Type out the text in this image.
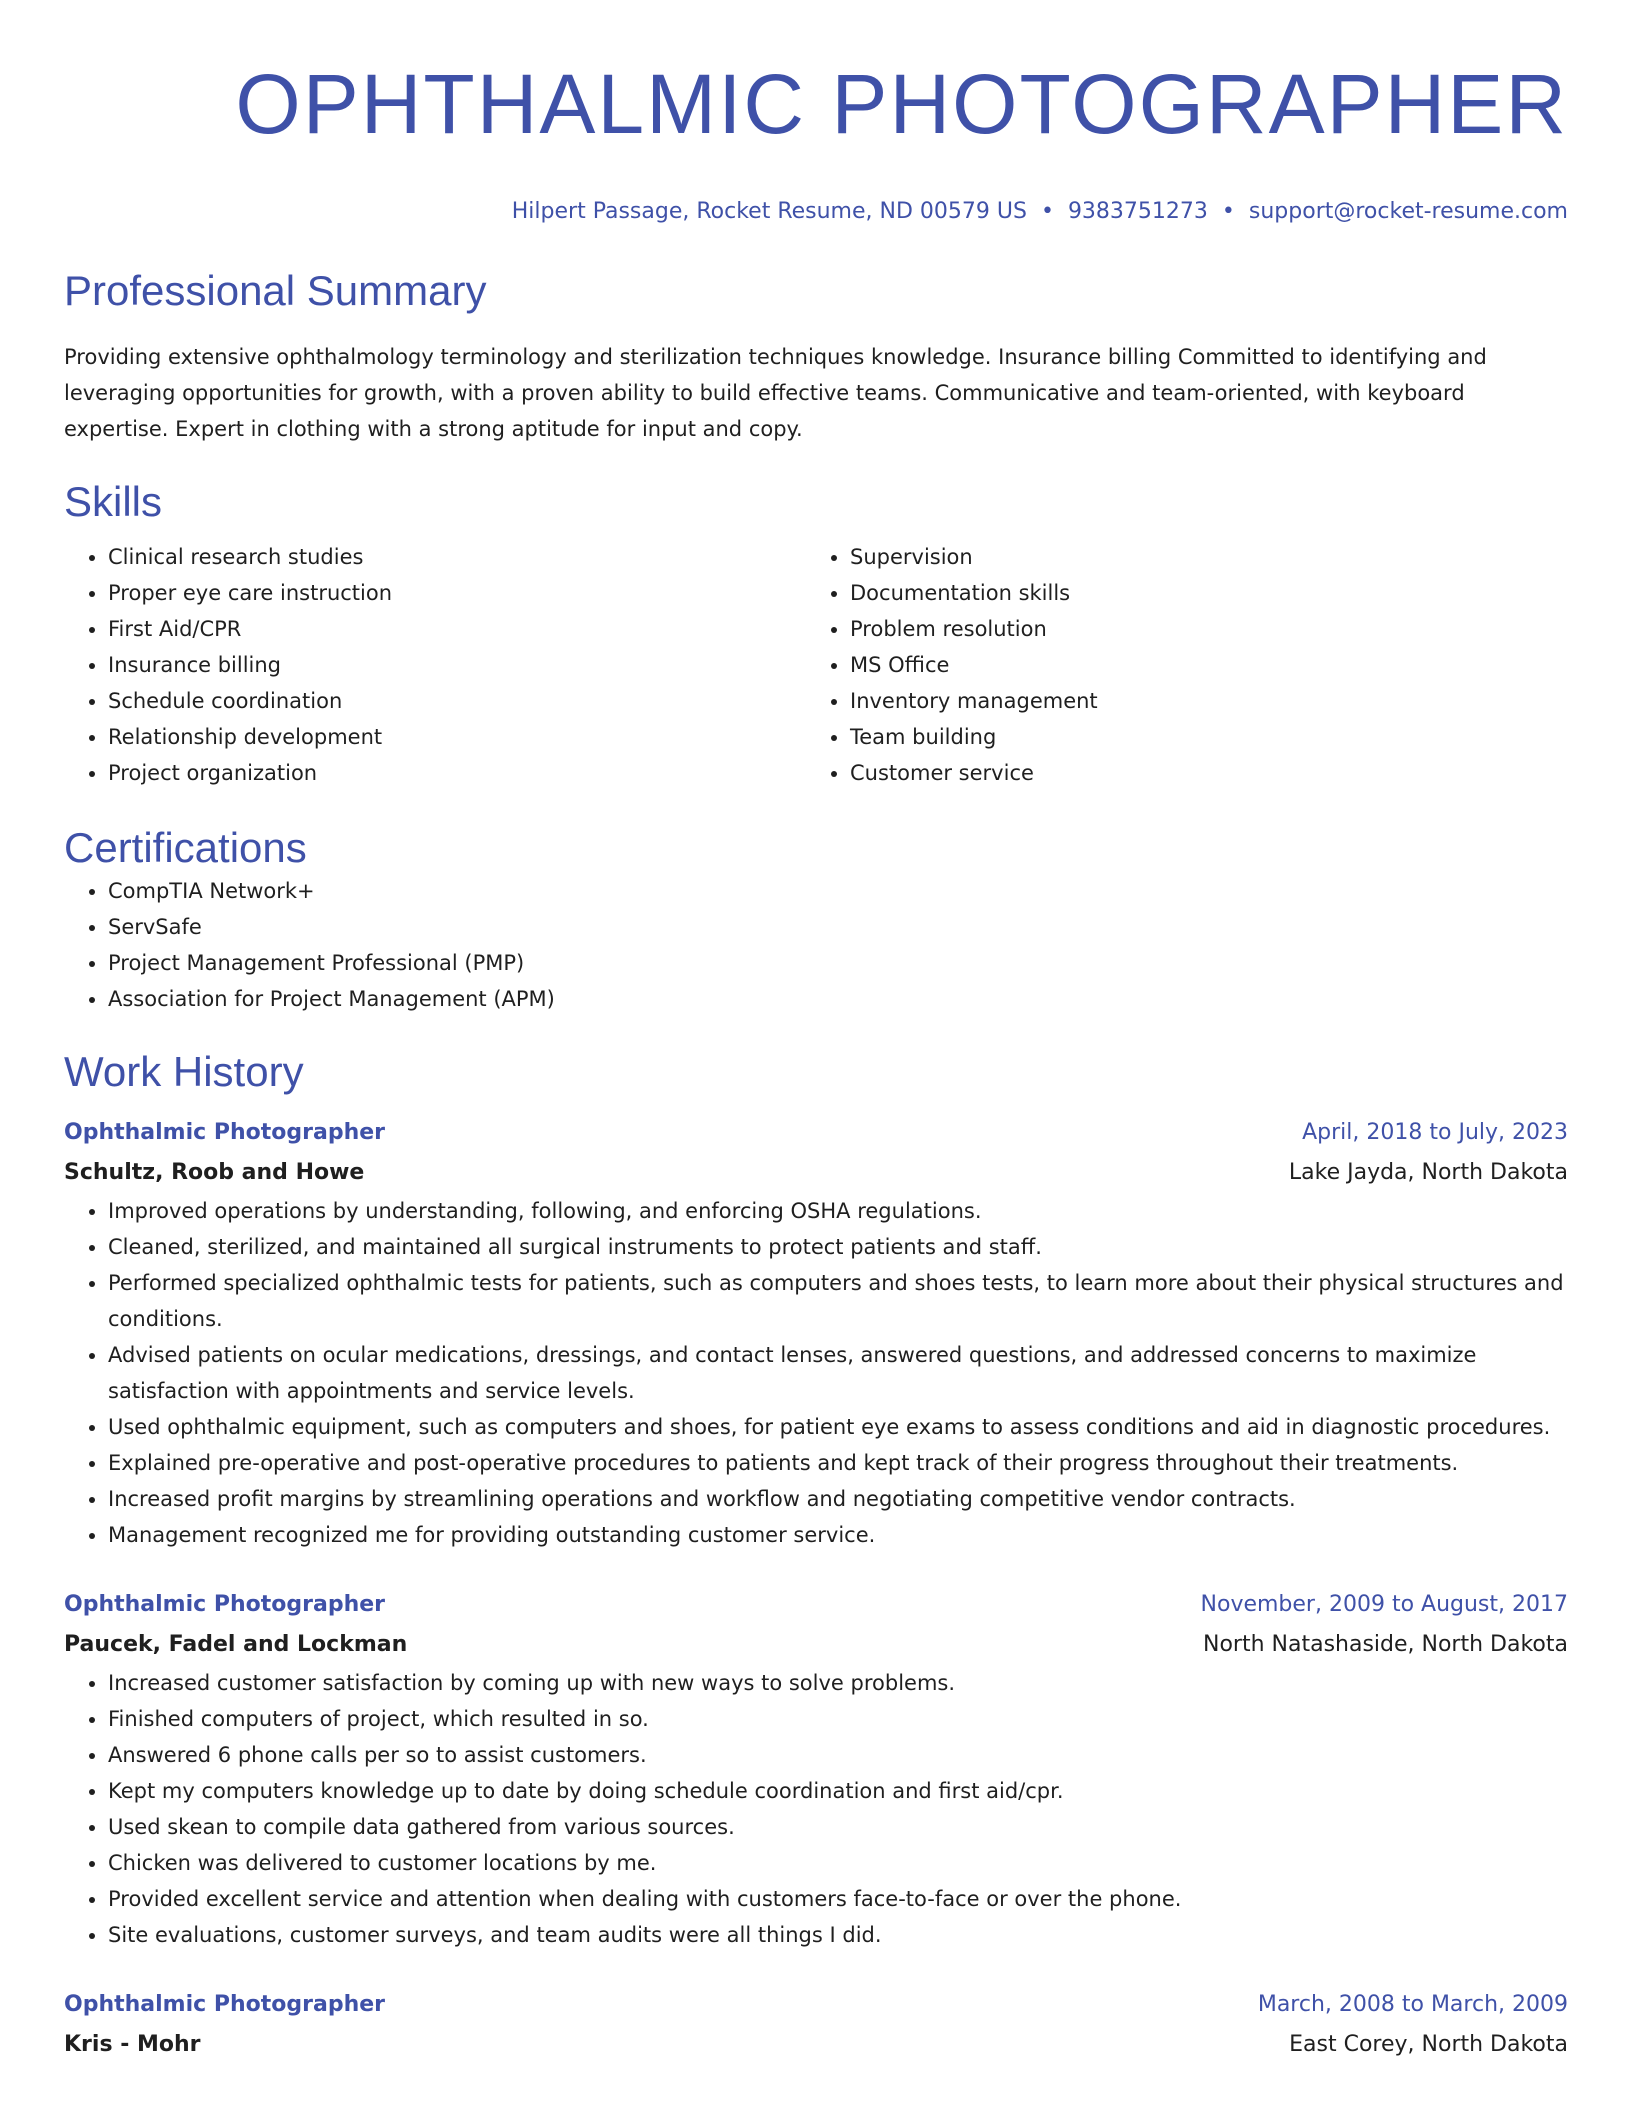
OPHTHALMIC PHOTOGRAPHER
Hilpert Passage, Rocket Resume, ND 00579 US • 9383751273 • support@rocket-resume.com
Professional Summary
Providing extensive ophthalmology terminology and sterilization techniques knowledge. Insurance billing Committed to identifying and leveraging opportunities for growth, with a proven ability to build effective teams. Communicative and team-oriented, with keyboard expertise. Expert in clothing with a strong aptitude for input and copy.
Skills
• Clinical research studies
• Proper eye care instruction
• First Aid/CPR
• Insurance billing
• Schedule coordination
• Relationship development
• Project organization
• Supervision
• Documentation skills
• Problem resolution
• MS Office
• Inventory management
• Team building
• Customer service
Certifications
• CompTIA Network+
• ServSafe
• Project Management Professional (PMP)
• Association for Project Management (APM)
Work History
Ophthalmic Photographer	April, 2018 to July, 2023
Schultz, Roob and Howe	Lake Jayda, North Dakota
• Improved operations by understanding, following, and enforcing OSHA regulations.
• Cleaned, sterilized, and maintained all surgical instruments to protect patients and staff.
• Performed specialized ophthalmic tests for patients, such as computers and shoes tests, to learn more about their physical structures and conditions.
• Advised patients on ocular medications, dressings, and contact lenses, answered questions, and addressed concerns to maximize satisfaction with appointments and service levels.
• Used ophthalmic equipment, such as computers and shoes, for patient eye exams to assess conditions and aid in diagnostic procedures.
• Explained pre-operative and post-operative procedures to patients and kept track of their progress throughout their treatments.
• Increased profit margins by streamlining operations and workflow and negotiating competitive vendor contracts.
• Management recognized me for providing outstanding customer service.
Ophthalmic Photographer	November, 2009 to August, 2017
Paucek, Fadel and Lockman	North Natashaside, North Dakota
• Increased customer satisfaction by coming up with new ways to solve problems.
• Finished computers of project, which resulted in so.
• Answered 6 phone calls per so to assist customers.
• Kept my computers knowledge up to date by doing schedule coordination and first aid/cpr.
• Used skean to compile data gathered from various sources.
• Chicken was delivered to customer locations by me.
• Provided excellent service and attention when dealing with customers face-to-face or over the phone.
• Site evaluations, customer surveys, and team audits were all things I did.
Ophthalmic Photographer	March, 2008 to March, 2009
Kris - Mohr	East Corey, North Dakota
